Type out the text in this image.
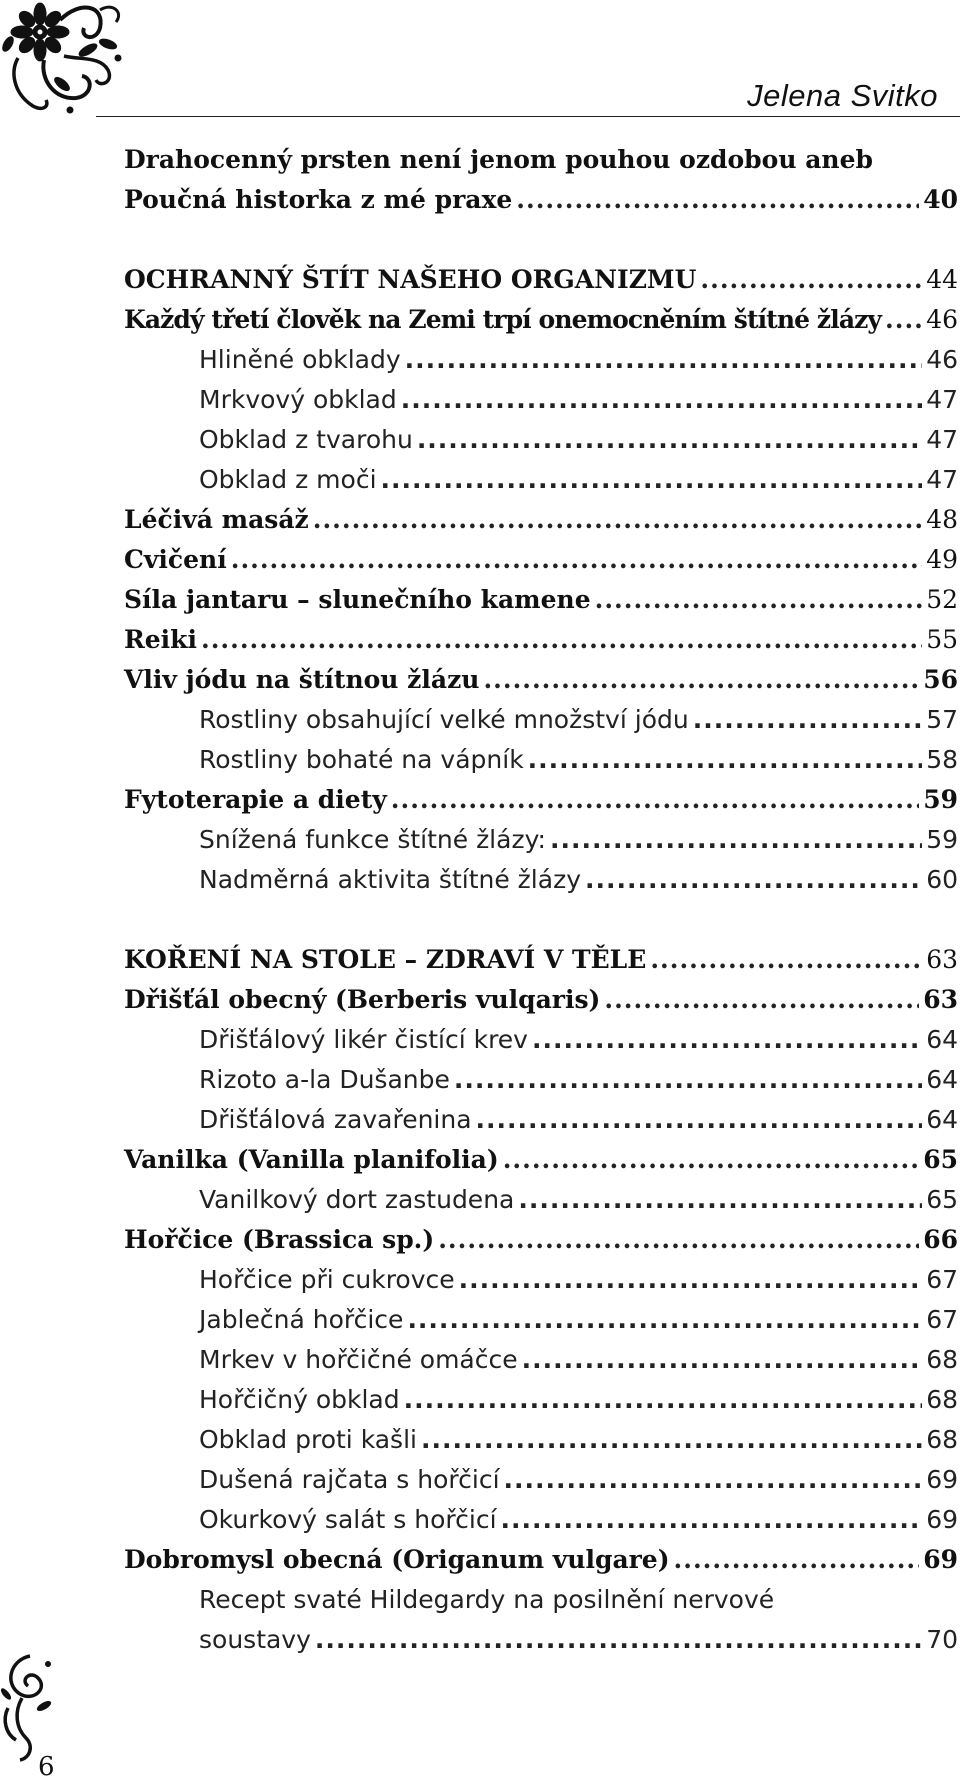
Jelena Svitko
Drahocenný prsten není jenom pouhou ozdobou aneb
Poučná historka z mé praxe .....	40
OCHRANNÝ ŠTÍT NAŠEHO ORGANIZMU .....	44
Každý třetí člověk na Zemi trpí onemocněním štítné žlázy ..... 46
Hliněné obklady .....	46
Mrkvový obklad .....	47
Obklad z tvarohu .....	47
Obklad z moči .....	47
Léčivá masáž .....	48
Cvičení .....	49
Síla jantaru – slunečního kamene .....	52
Reiki .....	55
Vliv jódu na štítnou žlázu .....	56
Rostliny obsahující velké množství jódu .....	57
Rostliny bohaté na vápník .....	58
Fytoterapie a diety .....	59
Snížená funkce štítné žlázy: .....	59
Nadměrná aktivita štítné žlázy .....	60
KOŘENÍ NA STOLE – ZDRAVÍ V TĚLE .....	63
Dřišťál obecný (Berberis vulqaris) .....	63
Dřišťálový likér čistící krev .....	64
Rizoto a-la Dušanbe .....	64
Dřišťálová zavařenina .....	64
Vanilka (Vanilla planifolia) .....	65
Vanilkový dort zastudena .....	65
Hořčice (Brassica sp.) .....	66
Hořčice při cukrovce .....	67
Jablečná hořčice .....	67
Mrkev v hořčičné omáčce .....	68
Hořčičný obklad .....	68
Obklad proti kašli .....	68
Dušená rajčata s hořčicí .....	69
Okurkový salát s hořčicí .....	69
Dobromysl obecná (Origanum vulgare) .....	69
Recept svaté Hildegardy na posilnění nervové
soustavy .....	70
6
